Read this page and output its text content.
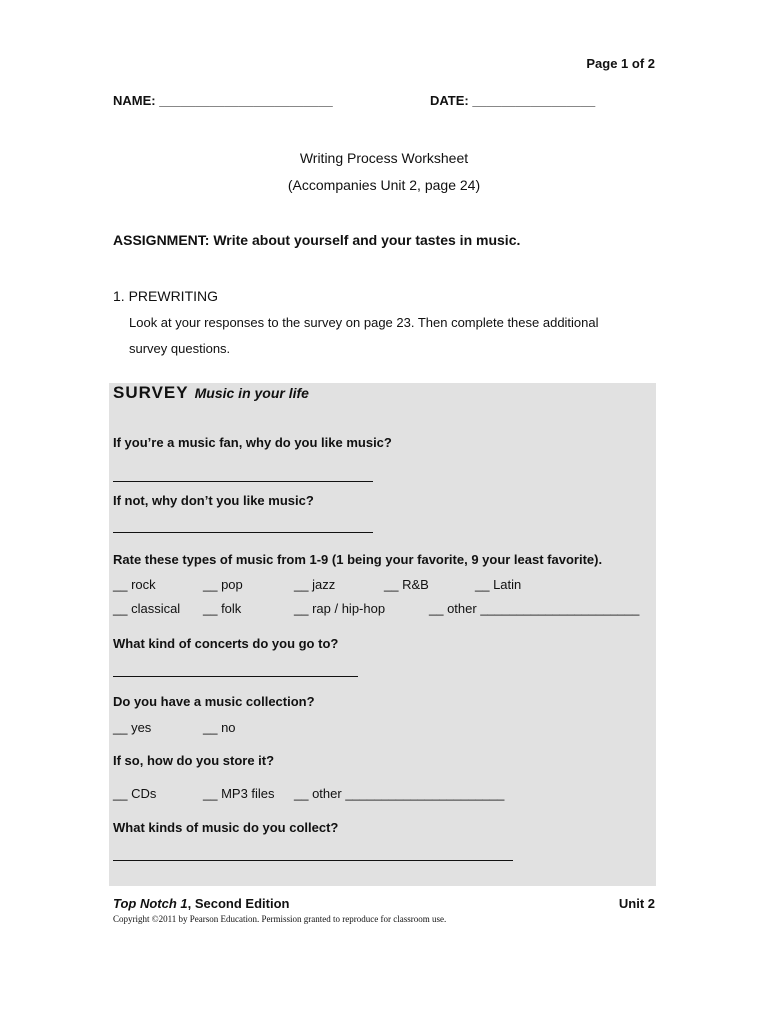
Page 1 of 2
NAME: ________________________	DATE: _________________
Writing Process Worksheet
(Accompanies Unit 2, page 24)
ASSIGNMENT: Write about yourself and your tastes in music.
1. PREWRITING
Look at your responses to the survey on page 23. Then complete these additional
survey questions.
SURVEY Music in your life
If you’re a music fan, why do you like music?
If not, why don’t you like music?
Rate these types of music from 1-9 (1 being your favorite, 9 your least favorite).
__ rock	__ pop	__ jazz	__ R&B	__ Latin
__ classical __ folk	__ rap / hip-hop	__ other ______________________
What kind of concerts do you go to?
Do you have a music collection?
__ yes	__ no
If so, how do you store it?
__ CDs	__ MP3 files __ other ______________________
What kinds of music do you collect?
Top Notch 1, Second Edition	Unit 2
Copyright ©2011 by Pearson Education. Permission granted to reproduce for classroom use.
